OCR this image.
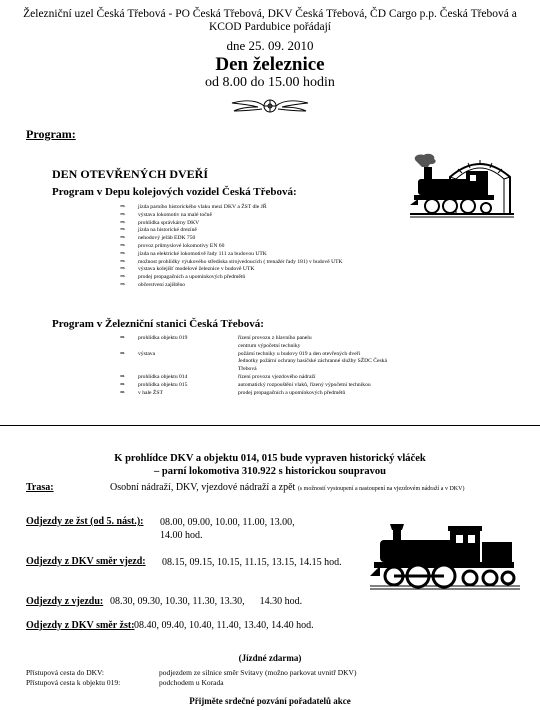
Železniční uzel Česká Třebová - PO Česká Třebová, DKV Česká Třebová, ČD Cargo p.p. Česká Třebová a KCOD Pardubice pořádají
dne 25. 09. 2010
Den železnice
od 8.00 do 15.00 hodin
Program:
DEN OTEVŘENÝCH DVEŘÍ
Program v Depu kolejových vozidel Česká Třebová:
⇒ jízda parního historického vlaku mezi DKV a ŽST dle JŘ
⇒ výstava lokomotiv na malé točně
⇒ prohlídka správkárny DKV
⇒ jízda na historické drezíně
⇒ nehodový jeřáb EDK 750
⇒ provoz průmyslové lokomotivy EN 60
⇒ jízda na elektrické lokomotivě řady 111 za budovou UTK
⇒ možnost prohlídky výukového střediska strojvedoucích ( trenažér řady 181) v budově UTK
⇒ výstava kolejišť modelové železnice v budově UTK
⇒ prodej propagačních a upomínkových předmětů
⇒ občerstvení zajištěno
Program v Železniční stanici Česká Třebová:
⇒	prohlídka objektu 019	řízení provozu z hlavního panelu
centrum výpočetní techniky
⇒	výstava	požární techniky u budovy 019 a den otevřených dveří
Jednotky požární ochrany hasičské záchranné služby SŽDC Česká
Třebová
⇒	prohlídka objektu 014	řízení provozu vjezdového nádraží
⇒	prohlídka objektu 015	automatický rozpouštění vlaků, řízený výpočetní technikou
⇒	v hale ŽST	prodej propagačních a upomínkových předmětů
K prohlídce DKV a objektu 014, 015 bude vypraven historický vláček
– parní lokomotiva 310.922 s historickou soupravou
Trasa:	Osobní nádraží, DKV, vjezdové nádraží a zpět (s možností vystoupení a nastoupení na vjezdovém nádraží a v DKV)
Odjezdy ze žst (od 5. nást.): 08.00, 09.00, 10.00, 11.00, 13.00, 14.00 hod.
Odjezdy z DKV směr vjezd: 08.15, 09.15, 10.15, 11.15, 13.15, 14.15 hod.
Odjezdy z vjezdu: 08.30, 09.30, 10.30, 11.30, 13.30,      14.30 hod.
Odjezdy z DKV směr žst: 08.40, 09.40, 10.40, 11.40, 13.40, 14.40 hod.
(Jízdné zdarma)
Přístupová cesta do DKV:	podjezdem ze silnice směr Svitavy (možno parkovat uvnitř DKV)
Přístupová cesta k objektu 019:	podchodem u Korada
Přijměte srdečné pozvání pořadatelů akce
